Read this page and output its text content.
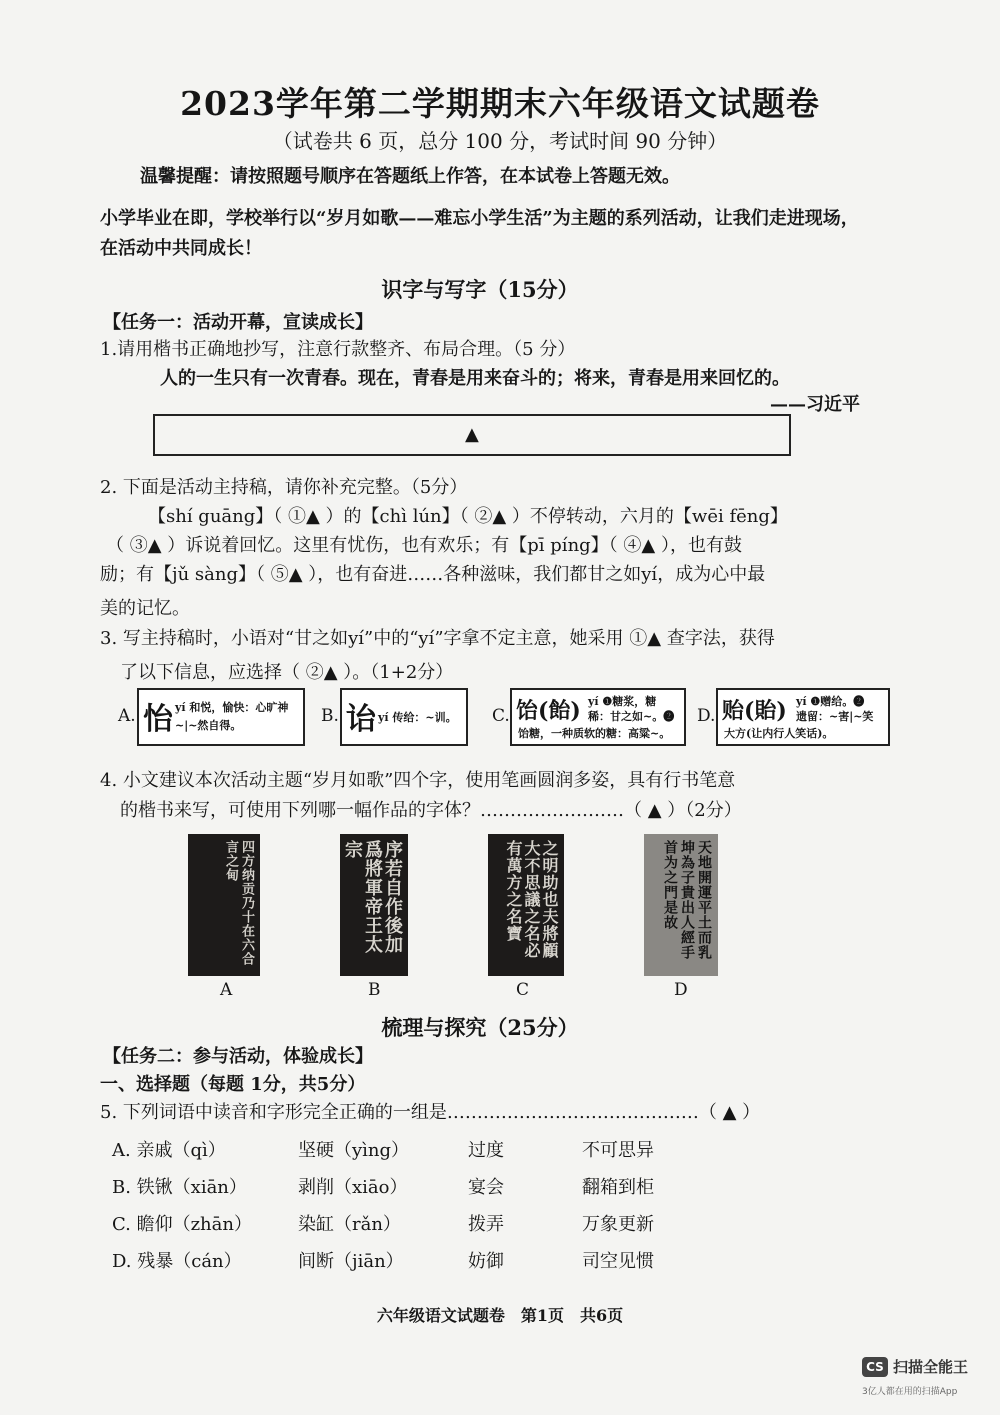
2023学年第二学期期末六年级语文试题卷
（试卷共 6 页，总分 100 分，考试时间 90 分钟）
温馨提醒：请按照题号顺序在答题纸上作答，在本试卷上答题无效。
小学毕业在即，学校举行以“岁月如歌——难忘小学生活”为主题的系列活动，让我们走进现场，在活动中共同成长！
识字与写字（15分）
【任务一：活动开幕，宣读成长】
1.请用楷书正确地抄写，注意行款整齐、布局合理。（5 分）
人的一生只有一次青春。现在，青春是用来奋斗的；将来，青春是用来回忆的。
——习近平
▲
2. 下面是活动主持稿，请你补充完整。（5分）
【shí guāng】（ ①▲ ）的【chì lún】（ ②▲ ）不停转动，六月的【wēi fēng】
（ ③▲ ）诉说着回忆。这里有忧伤，也有欢乐；有【pī píng】（ ④▲ ），也有鼓
励；有【jǔ sàng】（ ⑤▲ ），也有奋进……各种滋味，我们都甘之如yí，成为心中最
美的记忆。
3. 写主持稿时，小语对“甘之如yí”中的“yí”字拿不定主意，她采用 ①▲ 查字法，获得
了以下信息，应选择（ ②▲ ）。（1+2分）
A. 怡 yí 和悦，愉快：心旷神
~|~然自得。	B. 诒 yí 传给：~训。 C. 饴(飴) yí ❶糖浆，糖
稀：甘之如~。❷
饴糖，一种质软的糖：高粱~。
D. 贻(貽) yí ❶赠给。❷
遗留：~害|~笑
大方(让内行人笑话)。
4. 小文建议本次活动主题“岁月如歌”四个字，使用笔画圆润多姿，具有行书笔意
的楷书来写，可使用下列哪一幅作品的字体？……………………（ ▲ ）（2分）
四方纳贡乃十在六合言之甸
A
序若自作後加爲將軍帝王太宗
B
之明助也夫將顧大不思議之名必有萬方之名寶
C
天地開運平土而乳坤為子貴出人經手首为之門是故
D
梳理与探究（25分）
【任务二：参与活动，体验成长】
一、选择题（每题 1分，共5分）
5. 下列词语中读音和字形完全正确的一组是……………………………………（ ▲ ）
A. 亲戚（qì）	坚硬（yìng）	过度	不可思异
B. 铁锹（xiān）	剥削（xiāo）	宴会	翻箱到柜
C. 瞻仰（zhān）	染缸（rǎn）	拨弄	万象更新
D. 残暴（cán）	间断（jiān）	妨御	司空见惯
六年级语文试题卷　第1页　共6页
CS 扫描全能王
3亿人都在用的扫描App
